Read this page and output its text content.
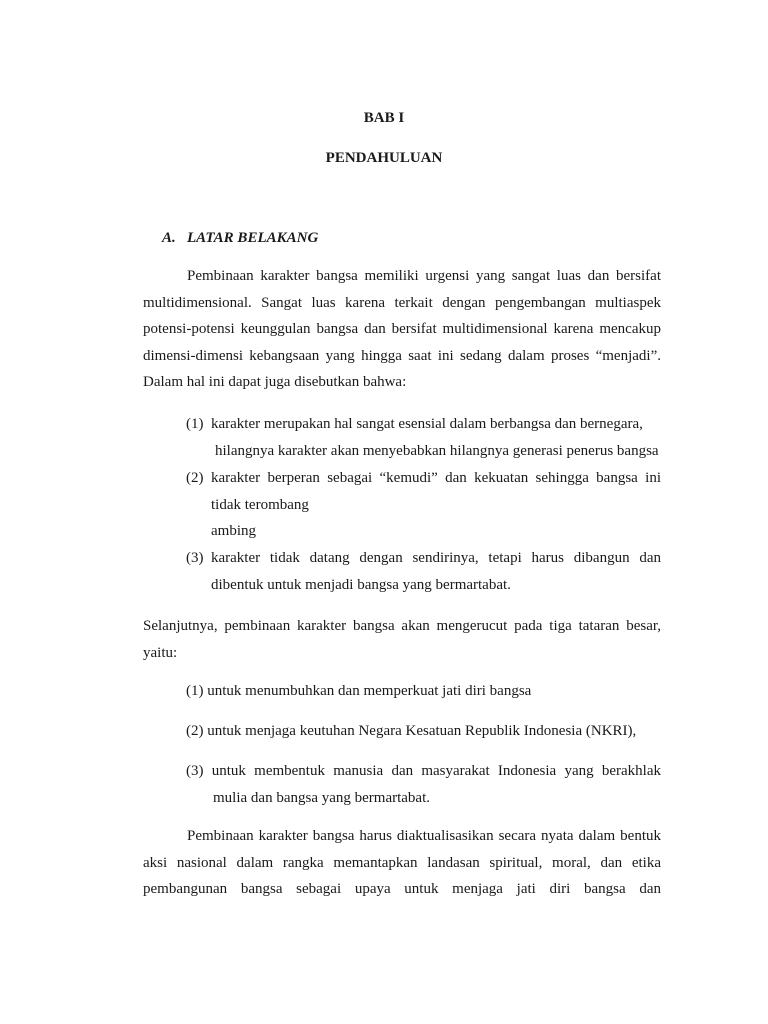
BAB I
PENDAHULUAN
A. LATAR BELAKANG
Pembinaan karakter bangsa memiliki urgensi yang sangat luas dan bersifat
multidimensional. Sangat luas karena terkait dengan pengembangan multiaspek
potensi-potensi keunggulan bangsa dan bersifat multidimensional karena mencakup
dimensi-dimensi kebangsaan yang hingga saat ini sedang dalam proses “menjadi”.
Dalam hal ini dapat juga disebutkan bahwa:
(1) karakter merupakan hal sangat esensial dalam berbangsa dan bernegara,
hilangnya karakter akan menyebabkan hilangnya generasi penerus bangsa
(2) karakter berperan sebagai “kemudi” dan kekuatan sehingga bangsa ini
tidak terombang
ambing
(3) karakter tidak datang dengan sendirinya, tetapi harus dibangun dan
dibentuk untuk menjadi bangsa yang bermartabat.
Selanjutnya, pembinaan karakter bangsa akan mengerucut pada tiga tataran besar,
yaitu:
(1) untuk menumbuhkan dan memperkuat jati diri bangsa
(2) untuk menjaga keutuhan Negara Kesatuan Republik Indonesia (NKRI),
(3) untuk membentuk manusia dan masyarakat Indonesia yang berakhlak
mulia dan bangsa yang bermartabat.
Pembinaan karakter bangsa harus diaktualisasikan secara nyata dalam bentuk
aksi nasional dalam rangka memantapkan landasan spiritual, moral, dan etika
pembangunan bangsa sebagai upaya untuk menjaga jati diri bangsa dan
